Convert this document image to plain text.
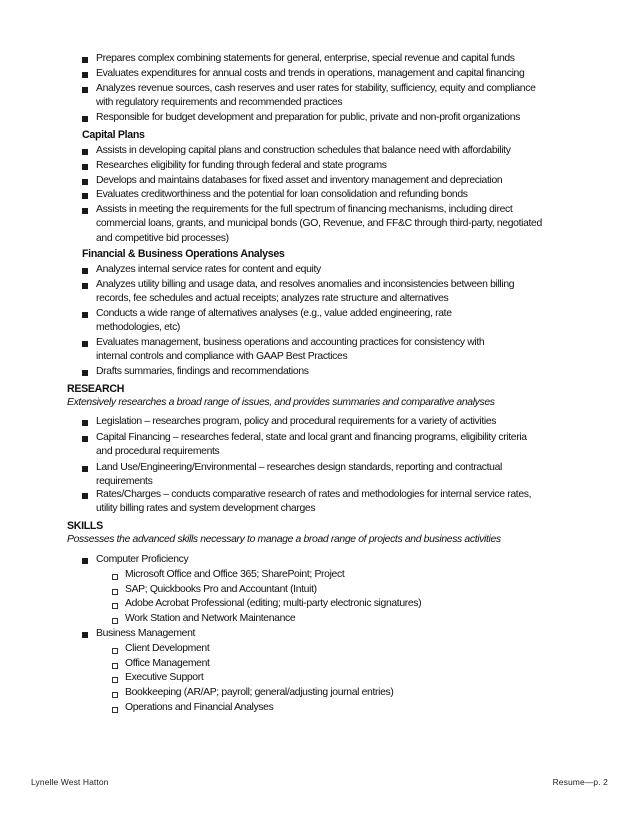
Prepares complex combining statements for general, enterprise, special revenue and capital funds
Evaluates expenditures for annual costs and trends in operations, management and capital financing
Analyzes revenue sources, cash reserves and user rates for stability, sufficiency, equity and compliance
with regulatory requirements and recommended practices
Responsible for budget development and preparation for public, private and non-profit organizations
Capital Plans
Assists in developing capital plans and construction schedules that balance need with affordability
Researches eligibility for funding through federal and state programs
Develops and maintains databases for fixed asset and inventory management and depreciation
Evaluates creditworthiness and the potential for loan consolidation and refunding bonds
Assists in meeting the requirements for the full spectrum of financing mechanisms, including direct
commercial loans, grants, and municipal bonds (GO, Revenue, and FF&C through third-party, negotiated
and competitive bid processes)
Financial & Business Operations Analyses
Analyzes internal service rates for content and equity
Analyzes utility billing and usage data, and resolves anomalies and inconsistencies between billing
records, fee schedules and actual receipts; analyzes rate structure and alternatives
Conducts a wide range of alternatives analyses (e.g., value added engineering, rate
methodologies, etc)
Evaluates management, business operations and accounting practices for consistency with
internal controls and compliance with GAAP Best Practices
Drafts summaries, findings and recommendations
RESEARCH
Extensively researches a broad range of issues, and provides summaries and comparative analyses
Legislation – researches program, policy and procedural requirements for a variety of activities
Capital Financing – researches federal, state and local grant and financing programs, eligibility criteria
and procedural requirements
Land Use/Engineering/Environmental – researches design standards, reporting and contractual
requirements
Rates/Charges – conducts comparative research of rates and methodologies for internal service rates,
utility billing rates and system development charges
SKILLS
Possesses the advanced skills necessary to manage a broad range of projects and business activities
Computer Proficiency
Microsoft Office and Office 365; SharePoint; Project
SAP; Quickbooks Pro and Accountant (Intuit)
Adobe Acrobat Professional (editing; multi-party electronic signatures)
Work Station and Network Maintenance
Business Management
Client Development
Office Management
Executive Support
Bookkeeping (AR/AP; payroll; general/adjusting journal entries)
Operations and Financial Analyses
Lynelle West Hatton	Resume—p. 2
